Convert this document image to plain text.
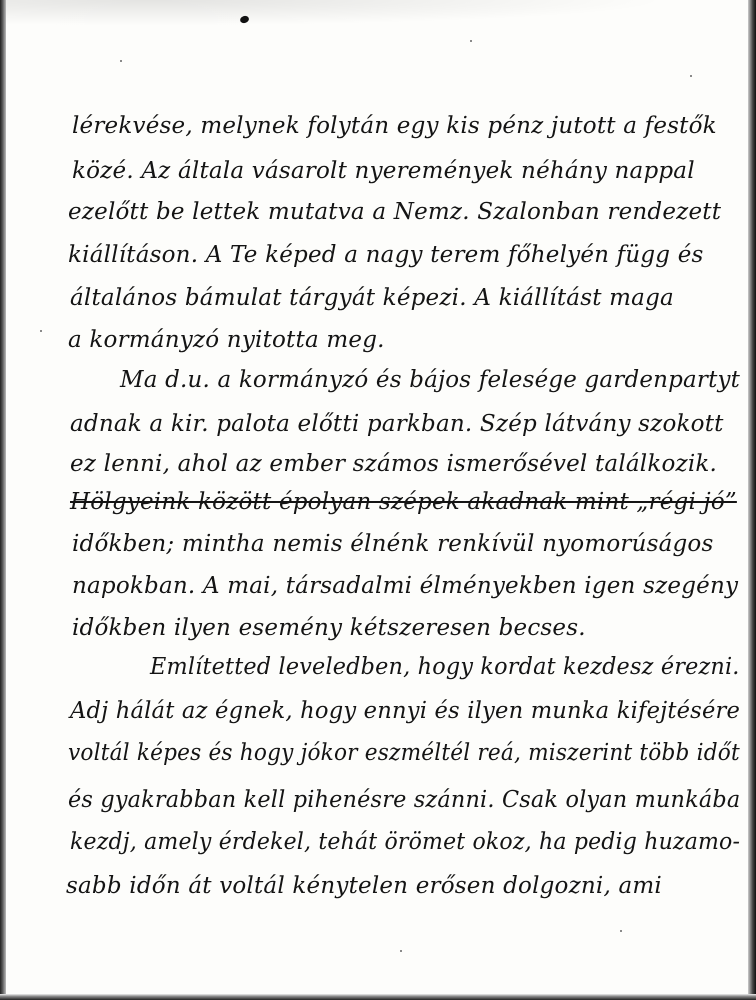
lérekvése, melynek folytán egy kis pénz jutott a festők

közé. Az általa vásarolt nyeremények néhány nappal

ezelőtt be lettek mutatva a Nemz. Szalonban rendezett

kiállításon. A Te képed a nagy terem főhelyén függ és

általános bámulat tárgyát képezi. A kiállítást maga

a kormányzó nyitotta meg.

Ma d.u. a kormányzó és bájos felesége gardenpartyt

adnak a kir. palota előtti parkban. Szép látvány szokott

ez lenni, ahol az ember számos ismerősével találkozik.

Hölgyeink között épolyan szépek akadnak mint „régi jó”

időkben; mintha nemis élnénk renkívül nyomorúságos

napokban. A mai, társadalmi élményekben igen szegény

időkben ilyen esemény kétszeresen becses.

Említetted leveledben, hogy kordat kezdesz érezni.

Adj hálát az égnek, hogy ennyi és ilyen munka kifejtésére

voltál képes és hogy jókor eszméltél reá, miszerint több időt

és gyakrabban kell pihenésre szánni. Csak olyan munkába

kezdj, amely érdekel, tehát örömet okoz, ha pedig huzamo-

sabb időn át voltál kénytelen erősen dolgozni, ami
